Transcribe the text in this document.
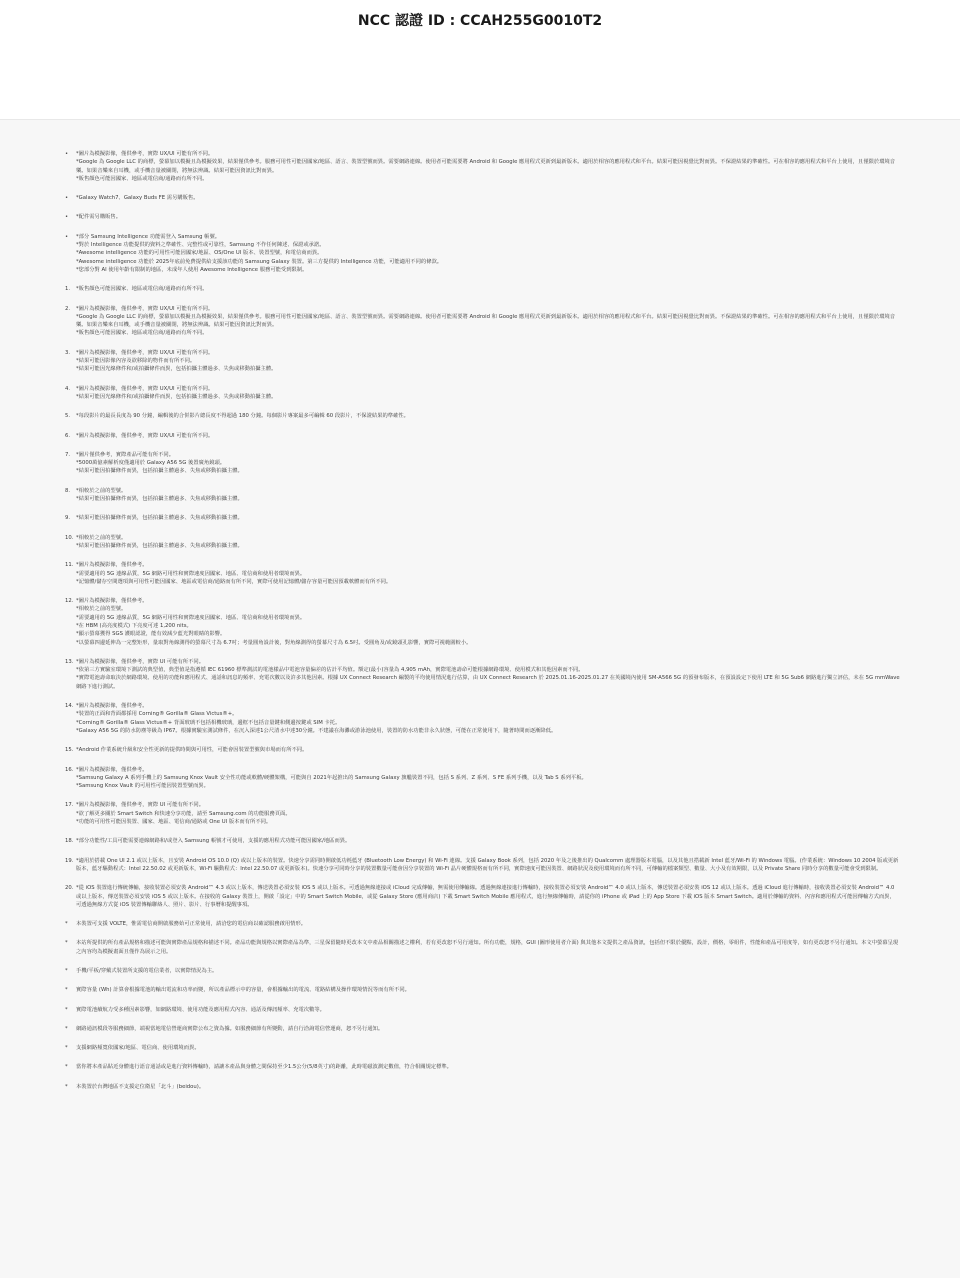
NCC 認證 ID : CCAH255G0010T2
•	*圖片為模擬影像，僅供參考，實際 UX/UI 可能有所不同。
*Google 為 Google LLC 的商標，螢幕加以模擬且為模擬效果，結果僅供參考。服務可用性可能因國家/地區、語言、裝置型號而異。需要網路連線。使用者可能需要將 Android 和 Google 應用程式更新到最新版本。適用於相容的應用程式和平台。結果可能因視覺比對而異。不保證結果的準確性。可在相容的應用程式和平台上使用，且僅限於環境音樂。如果音樂來自耳機，或手機音量被關閉，將無法辨識。結果可能因資訊比對而異。
*販售顏色可能因國家、地區或電信商/通路而有所不同。
•	*Galaxy Watch7、Galaxy Buds FE 需另購販售。
•	*配件需另購販售。
•	*部分 Samsung Intelligence 功能需登入 Samsung 帳號。
*對於 Intelligence 功能提供的資料之準確性、完整性或可靠性，Samsung 不作任何陳述、保證或承諾。
*Awesome intelligence 功能的可用性可能因國家/地區、OS/One UI 版本、裝置型號，和電信商而異。
*Awesome intelligence 功能於 2025年底前免費提供給支援該功能的 Samsung Galaxy 裝置。第三方提供的 Intelligence 功能，可能適用不同的條款。
*您部分對 AI 使用年齡有限制的地區，未成年人使用 Awesome Intelligence 服務可能受到限制。
1.	*販售顏色可能因國家、地區或電信商/通路而有所不同。
2.	*圖片為模擬影像，僅供參考，實際 UX/UI 可能有所不同。
*Google 為 Google LLC 的商標，螢幕加以模擬且為模擬效果，結果僅供參考。服務可用性可能因國家/地區、語言、裝置型號而異。需要網路連線。使用者可能需要將 Android 和 Google 應用程式更新到最新版本。適用於相容的應用程式和平台。結果可能因視覺比對而異。不保證結果的準確性。可在相容的應用程式和平台上使用，且僅限於環境音樂。如果音樂來自耳機，或手機音量被關閉，將無法辨識。結果可能因資訊比對而異。
*販售顏色可能因國家、地區或電信商/通路而有所不同。
3.	*圖片為模擬影像，僅供參考，實際 UX/UI 可能有所不同。
*結果可能因影像內容及欲移除的物件而有所不同。
*結果可能因光線條件和/或拍攝條件而異，包括拍攝主體過多、失焦或移動拍攝主體。
4.	*圖片為模擬影像，僅供參考，實際 UX/UI 可能有所不同。
*結果可能因光線條件和/或拍攝條件而異，包括拍攝主體過多、失焦或移動拍攝主體。
5.	*每段影片的最長長度為 90 分鐘，編輯後的合併影片總長度不得超過 180 分鐘。每個影片專案最多可編輯 60 段影片，不保證結果的準確性。
6.	*圖片為模擬影像，僅供參考，實際 UX/UI 可能有所不同。
7.	*圖片僅供參考，實際產品可能有所不同。
*5000萬億素解析度僅適用於 Galaxy A56 5G 後置廣角鏡頭。
*結果可能因拍攝條件而異，包括拍攝主體過多、失焦或移動拍攝主體。
8.	*相較於之前的型號。
*結果可能因拍攝條件而異，包括拍攝主體過多、失焦或移動拍攝主體。
9.	*結果可能因拍攝條件而異，包括拍攝主體過多、失焦或移動拍攝主體。
10. *相較於之前的型號。
*結果可能因拍攝條件而異，包括拍攝主體過多、失焦或移動拍攝主體。
11. *圖片為模擬影像，僅供參考。
*需要適用的 5G 連線品質，5G 網路可用性和實際速度因國家、地區、電信商和使用者環境而異。
*記憶體/儲存空間選項與可用性可能因國家、地區或電信商/通路而有所不同，實際可使用記憶體/儲存容量可能因預載軟體而有所不同。
12. *圖片為模擬影像，僅供參考。
*相較於之前的型號。
*需要適用的 5G 連線品質，5G 網路可用性和實際速度因國家、地區、電信商和使用者環境而異。
*在 HBM (高亮度模式) 下亮度可達 1,200 nits。
*顯示螢幕獲得 SGS 護眼認證，能有效減少藍光對眼睛的影響。
*以螢幕四邊延伸為一完整矩形，量取對角線測得的螢幕尺寸為 6.7吋；考量圓角設計後，對角線測得的螢幕尺寸為 6.5吋。受圓角及/或鏡頭孔影響，實際可視範圍較小。
13. *圖片為模擬影像，僅供參考，實際 UI 可能有所不同。
*依第三方實驗室環境下測試的典型值，典型值是指遵循 IEC 61960 標準測試的電池樣品中電池容量偏差的估計平均值。額定(最小)容量為 4,905 mAh，實際電池壽命可能根據網路環境、使用模式和其他因素而不同。
*實際電池壽命取決於網路環境、使用的功能和應用程式、通話和訊息的頻率、充電次數以及許多其他因素。根據 UX Connect Research 編製的平均使用情況進行估算，由 UX Connect Research 於 2025.01.16-2025.01.27 在英國境內使用 SM-A566 5G 的預發布版本，在預設設定下使用 LTE 和 5G Sub6 網路進行獨立評估，未在 5G mmWave 網路下進行測試。
14. *圖片為模擬影像，僅供參考。
*裝置的正面和背面都採用 Corning® Gorilla® Glass Victus®+。
*Corning® Gorilla® Glass Victus®+ 背面玻璃不包括相機玻璃，邊框不包括音量鍵和側邊按鍵或 SIM 卡托。
*Galaxy A56 5G 的防水防塵等級為 IP67。根據實驗室測試條件，在沉入深達1公尺清水中達30分鐘。不建議在海灘或游泳池使用，裝置的防水功能非永久狀態，可能在正常使用下，隨著時間而逐漸降低。
15. *Android 作業系統升級和安全性更新的提供時間與可用性，可能會因裝置型號與市場而有所不同。
16. *圖片為模擬影像，僅供參考。
*Samsung Galaxy A 系列手機上的 Samsung Knox Vault 安全性功能或軟體/硬體架構，可能與自 2021年起推出的 Samsung Galaxy 旗艦裝置不同，包括 S 系列、Z 系列、S FE 系列手機，以及 Tab S 系列平板。
*Samsung Knox Vault 的可用性可能因裝置型號而異。
17. *圖片為模擬影像，僅供參考，實際 UI 可能有所不同。
*欲了解更多關於 Smart Switch 和快速分享功能，請至 Samsung.com 的功能服務頁面。
*功能的可用性可能因裝置、國家、地區、電信商/通路或 One UI 版本而有所不同。
18. *部分功能性/工具可能需要連線網路和/或登入 Samsung 帳號才可使用，支援的應用程式功能可能因國家/地區而異。
19. *適用於搭載 One UI 2.1 或以上版本，且安裝 Android OS 10.0 (Q) 或以上版本的裝置。快速分享需同時開啟低功耗藍牙 (Bluetooth Low Energy) 和 Wi-Fi 連線。支援 Galaxy Book 系列，包括 2020 年及之後推出的 Qualcomm 處理器版本電腦，以及其他且搭載新 Intel 藍牙/Wi-Fi 的 Windows 電腦。(作業系統：Windows 10 2004 版或更新版本，藍牙驅動程式：Intel 22.50.02 或更新版本，Wi-Fi 驅動程式：Intel 22.50.07 或更新版本)。快速分享可同時分享的裝置數量可能會因分享裝置的 Wi-Fi 晶片硬體規格而有所不同，實際速度可能因裝置、網路狀況及使用環境而有所不同，可傳輸的檔案類型、數量、大小及有效期限，以及 Private Share 同時分享的數量可能會受到限制。
20. *從 iOS 裝置進行傳統傳輸，接收裝置必須安裝 Android™ 4.3 或以上版本，傳送裝置必須安裝 iOS 5 或以上版本。可透過無線連接或 iCloud 完成傳輸，無需使用傳輸線。透過無線連接進行傳輸時，接收裝置必須安裝 Android™ 4.0 或以上版本，傳送裝置必須安裝 iOS 12 或以上版本。透過 iCloud 進行傳輸時，接收裝置必須安裝 Android™ 4.0 或以上版本，傳送裝置必須安裝 iOS 5 或以上版本。在接收的 Galaxy 裝置上，開啟「設定」中的 Smart Switch Mobile，或從 Galaxy Store (應用商店) 下載 Smart Switch Mobile 應用程式，進行無線傳輸時，請從你的 iPhone 或 iPad 上的 App Store 下載 iOS 版本 Smart Switch。適用於傳輸的資料、內容和應用程式可能因傳輸方式而異，可透過無線方式從 iOS 裝置傳輸聯絡人、照片、影片、行事曆和提醒事項。
*	本裝置可支援 VOLTE，惟需電信商開啟服務始可正常使用，請洽您的電信商以確認服務啟用情形。
*	本站所提供的所有產品規格和描述可能與實際產品規格和描述不同。產品功能與規格以實際產品為準，三星保留隨時更改本文中產品相關描述之權利，若有更改恕不另行通知。所有功能，規格，GUI (圖形使用者介面) 與其他本文提供之產品資訊，包括但不限於優點，設計，價格，零組件，性能和產品可用度等，如有更改恕不另行通知。本文中螢幕呈現之內容均為模擬畫面且僅作為展示之用。
*	手機/平板/穿戴式裝置所支援的電信業者，以實際情況為主。
*	實際容量 (Wh) 計算會根據電池的輸出電流和功率而變，所以產品標示中的容量，會根據輸出的電流、電路結構及操作環境情況等而有所不同。
*	實際電池續航力受多種因素影響，如網路環境、使用功能及應用程式內容、通話及傳訊頻率、充電次數等。
*	網路通訊模段等服務細節，端視當地電信營運商實際公布之資為據。如服務細節有所變動，請自行洽詢電信營運商，恕不另行通知。
*	支援網路頻寬依國家/地區、電信商、使用環境而異。
*	當你將本產品貼近身體進行語音通話或是進行資料傳輸時，請讓本產品與身體之間保持至少1.5公分(5/8英寸)的距離，此時電磁波測定數值，符合相關規定標準。
*	本裝置於台灣地區不支援定位衛星「北斗」(beidou)。
